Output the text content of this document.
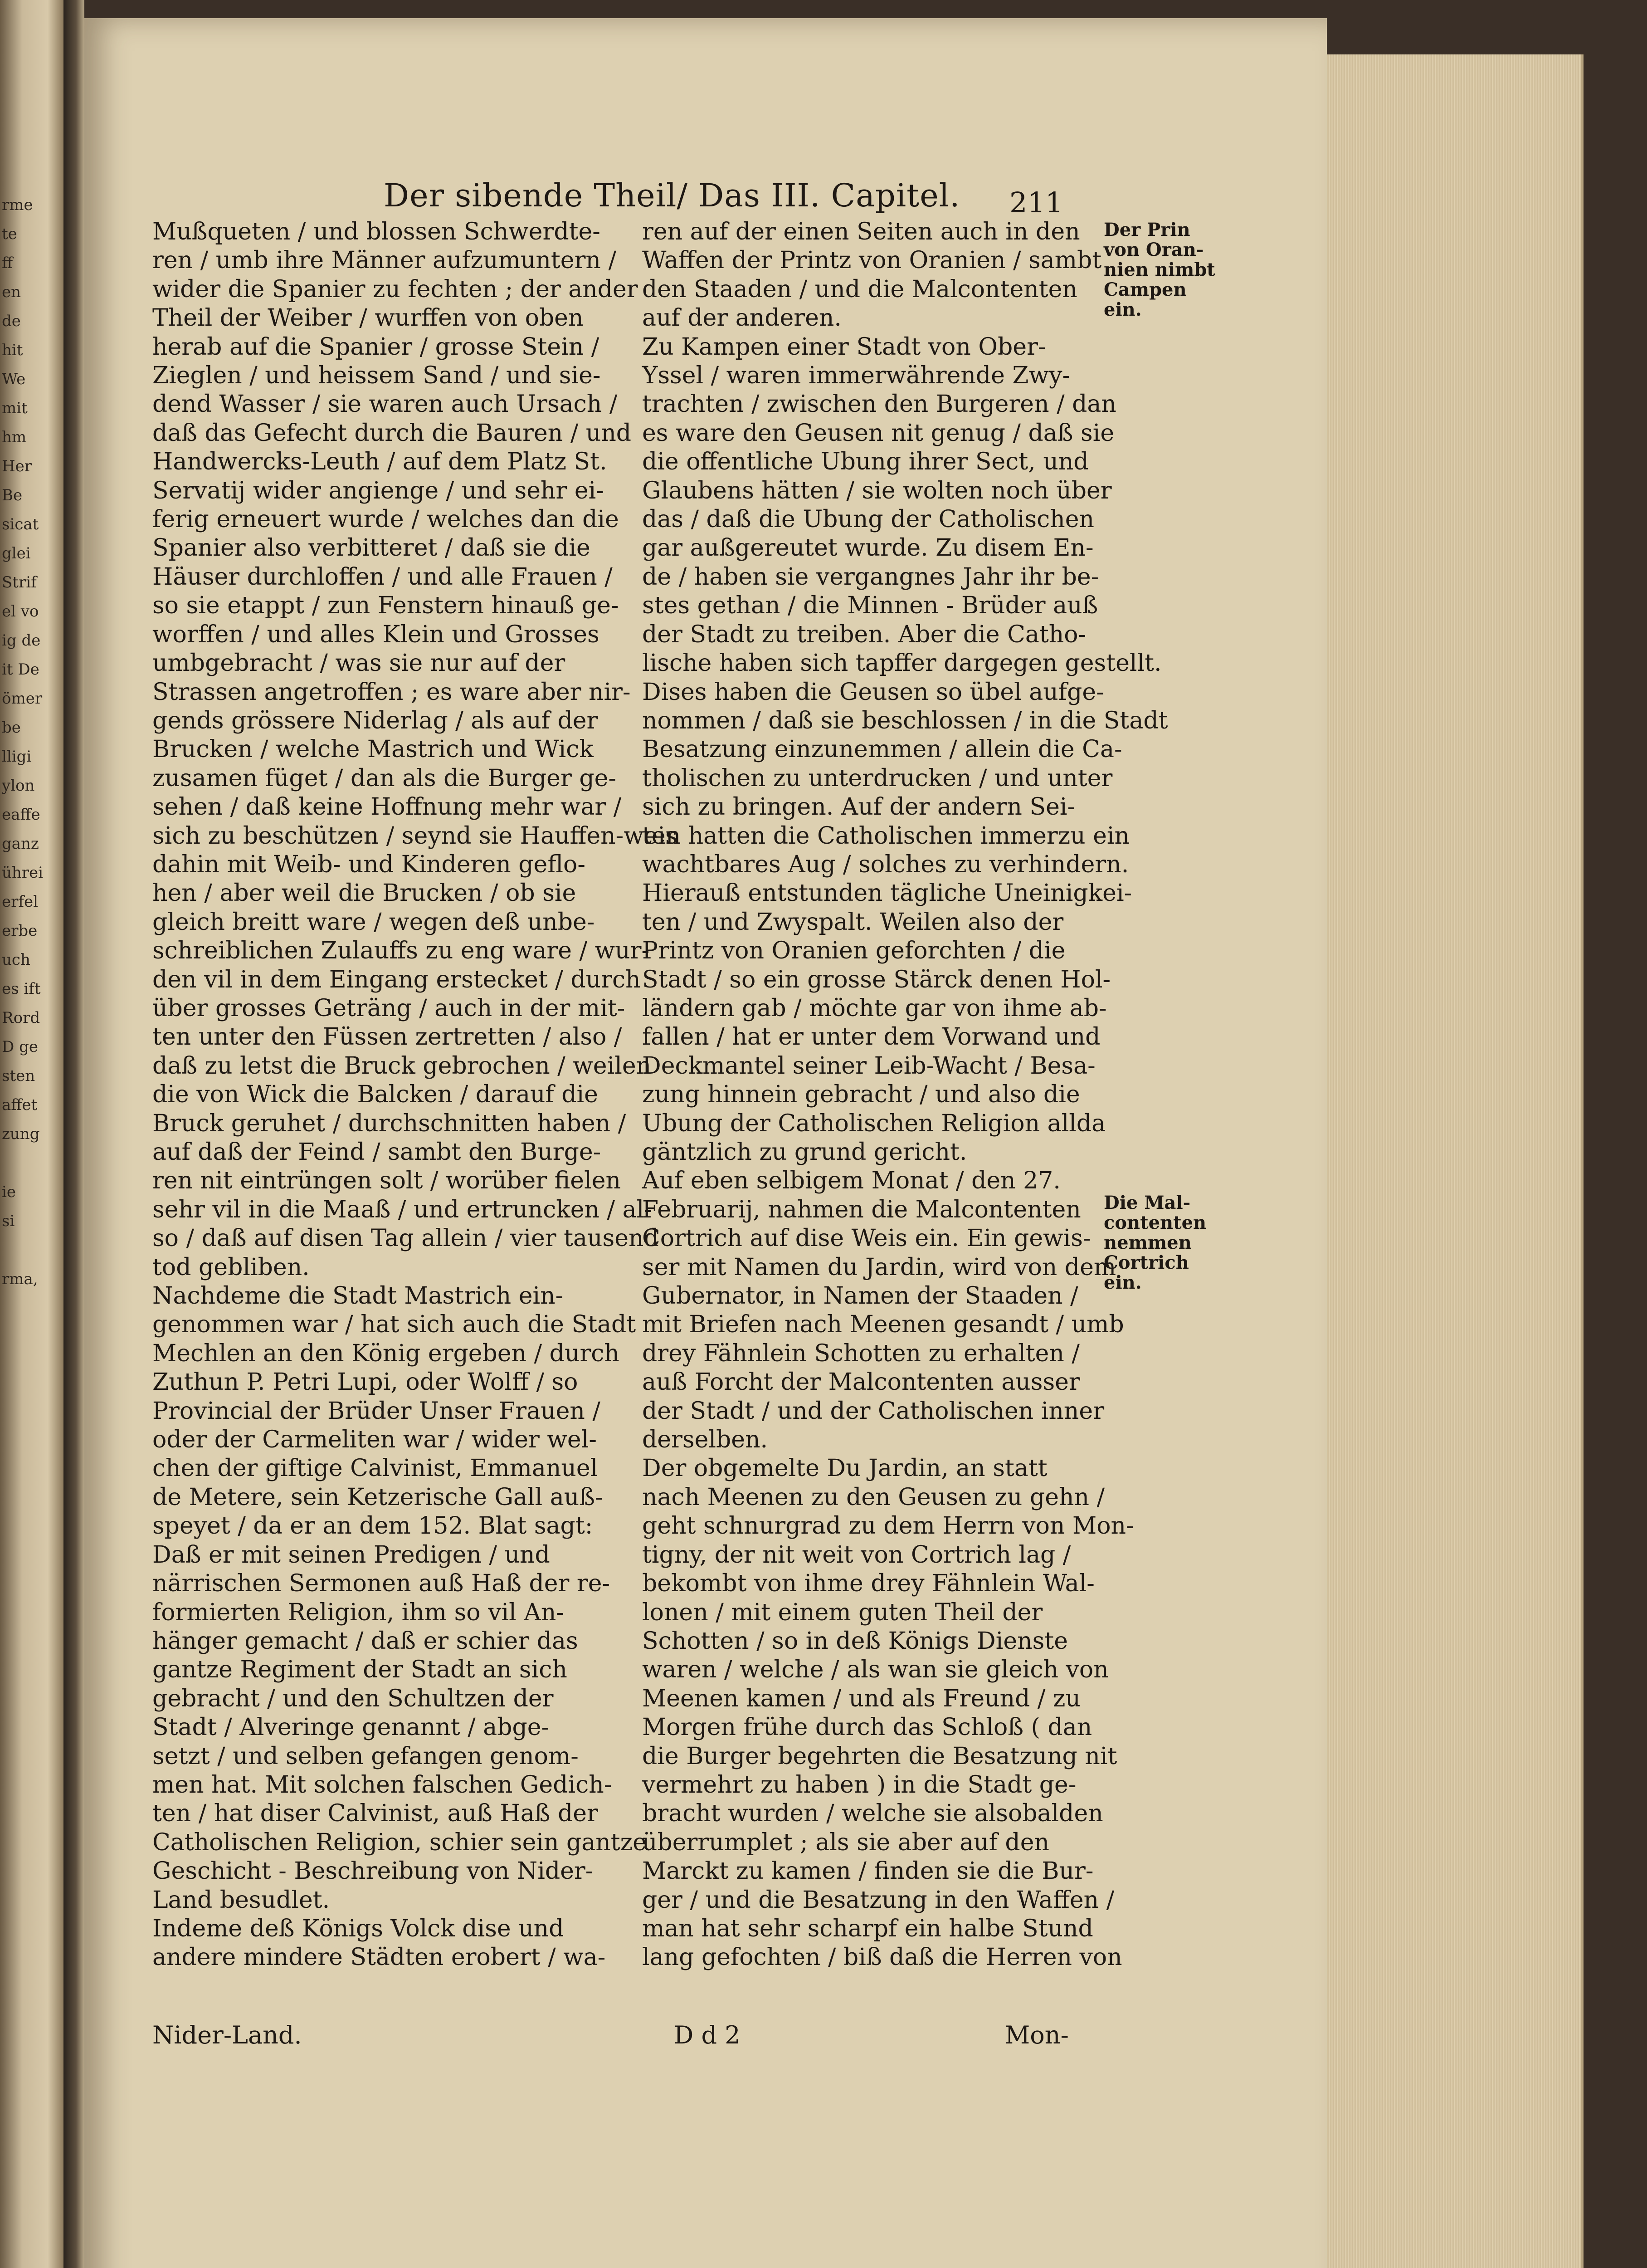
rme
te
ff
en
de
hit
We
mit
hm
Her
Be
sicat
glei
Strif
el vo
ig de
it De
ömer
be
lligi
ylon
eaffe
ganz
ührei
erfel
erbe
uch
es ift
Rord
D ge
sten
affet
zung

ie
si

rma,
Der sibende Theil/ Das III. Capitel.	211
Mußqueten / und blossen Schwerdte-
ren / umb ihre Männer aufzumuntern /
wider die Spanier zu fechten ; der ander
Theil der Weiber / wurffen von oben
herab auf die Spanier / grosse Stein /
Zieglen / und heissem Sand / und sie-
dend Wasser / sie waren auch Ursach /
daß das Gefecht durch die Bauren / und
Handwercks-Leuth / auf dem Platz St.
Servatij wider angienge / und sehr ei-
ferig erneuert wurde / welches dan die
Spanier also verbitteret / daß sie die
Häuser durchloffen / und alle Frauen /
so sie etappt / zun Fenstern hinauß ge-
worffen / und alles Klein und Grosses
umbgebracht / was sie nur auf der
Strassen angetroffen ; es ware aber nir-
gends grössere Niderlag / als auf der
Brucken / welche Mastrich und Wick
zusamen füget / dan als die Burger ge-
sehen / daß keine Hoffnung mehr war /
sich zu beschützen / seynd sie Hauffen-weis
dahin mit Weib- und Kinderen geflo-
hen / aber weil die Brucken / ob sie
gleich breitt ware / wegen deß unbe-
schreiblichen Zulauffs zu eng ware / wur-
den vil in dem Eingang erstecket / durch
über grosses Geträng / auch in der mit-
ten unter den Füssen zertretten / also /
daß zu letst die Bruck gebrochen / weilen
die von Wick die Balcken / darauf die
Bruck geruhet / durchschnitten haben /
auf daß der Feind / sambt den Burge-
ren nit eintrüngen solt / worüber fielen
sehr vil in die Maaß / und ertruncken / al-
so / daß auf disen Tag allein / vier tausend
tod gebliben.
Nachdeme die Stadt Mastrich ein-
genommen war / hat sich auch die Stadt
Mechlen an den König ergeben / durch
Zuthun P. Petri Lupi, oder Wolff / so
Provincial der Brüder Unser Frauen /
oder der Carmeliten war / wider wel-
chen der giftige Calvinist, Emmanuel
de Metere, sein Ketzerische Gall auß-
speyet / da er an dem 152. Blat sagt:
Daß er mit seinen Predigen / und
närrischen Sermonen auß Haß der re-
formierten Religion, ihm so vil An-
hänger gemacht / daß er schier das
gantze Regiment der Stadt an sich
gebracht / und den Schultzen der
Stadt / Alveringe genannt / abge-
setzt / und selben gefangen genom-
men hat. Mit solchen falschen Gedich-
ten / hat diser Calvinist, auß Haß der
Catholischen Religion, schier sein gantze
Geschicht - Beschreibung von Nider-
Land besudlet.
Indeme deß Königs Volck dise und
andere mindere Städten erobert / wa-
ren auf der einen Seiten auch in den
Waffen der Printz von Oranien / sambt
den Staaden / und die Malcontenten
auf der anderen.
Zu Kampen einer Stadt von Ober-
Yssel / waren immerwährende Zwy-
trachten / zwischen den Burgeren / dan
es ware den Geusen nit genug / daß sie
die offentliche Ubung ihrer Sect, und
Glaubens hätten / sie wolten noch über
das / daß die Ubung der Catholischen
gar außgereutet wurde. Zu disem En-
de / haben sie vergangnes Jahr ihr be-
stes gethan / die Minnen - Brüder auß
der Stadt zu treiben. Aber die Catho-
lische haben sich tapffer dargegen gestellt.
Dises haben die Geusen so übel aufge-
nommen / daß sie beschlossen / in die Stadt
Besatzung einzunemmen / allein die Ca-
tholischen zu unterdrucken / und unter
sich zu bringen. Auf der andern Sei-
ten hatten die Catholischen immerzu ein
wachtbares Aug / solches zu verhindern.
Hierauß entstunden tägliche Uneinigkei-
ten / und Zwyspalt. Weilen also der
Printz von Oranien geforchten / die
Stadt / so ein grosse Stärck denen Hol-
ländern gab / möchte gar von ihme ab-
fallen / hat er unter dem Vorwand und
Deckmantel seiner Leib-Wacht / Besa-
zung hinnein gebracht / und also die
Ubung der Catholischen Religion allda
gäntzlich zu grund gericht.
Auf eben selbigem Monat / den 27.
Februarij, nahmen die Malcontenten
Cortrich auf dise Weis ein. Ein gewis-
ser mit Namen du Jardin, wird von dem
Gubernator, in Namen der Staaden /
mit Briefen nach Meenen gesandt / umb
drey Fähnlein Schotten zu erhalten /
auß Forcht der Malcontenten ausser
der Stadt / und der Catholischen inner
derselben.
Der obgemelte Du Jardin, an statt
nach Meenen zu den Geusen zu gehn /
geht schnurgrad zu dem Herrn von Mon-
tigny, der nit weit von Cortrich lag /
bekombt von ihme drey Fähnlein Wal-
lonen / mit einem guten Theil der
Schotten / so in deß Königs Dienste
waren / welche / als wan sie gleich von
Meenen kamen / und als Freund / zu
Morgen frühe durch das Schloß ( dan
die Burger begehrten die Besatzung nit
vermehrt zu haben ) in die Stadt ge-
bracht wurden / welche sie alsobalden
überrumplet ; als sie aber auf den
Marckt zu kamen / finden sie die Bur-
ger / und die Besatzung in den Waffen /
man hat sehr scharpf ein halbe Stund
lang gefochten / biß daß die Herren von
Der Prin
von Oran-
nien nimbt
Campen
ein.
Die Mal-
contenten
nemmen
Cortrich
ein.
Nider-Land.	D d 2	Mon-
